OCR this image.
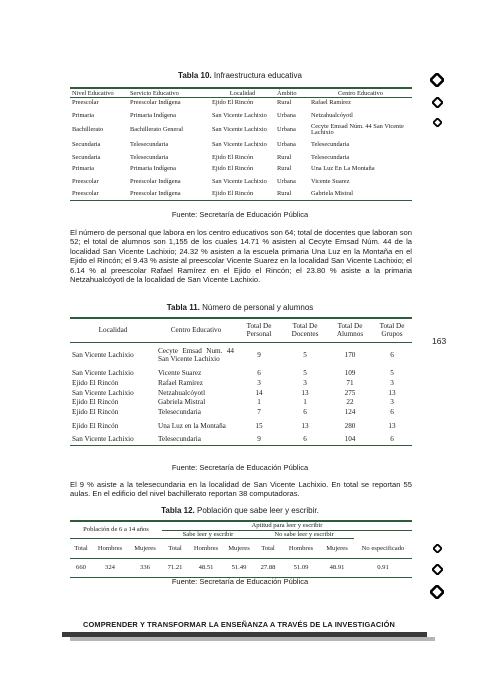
Tabla 10. Infraestructura educativa
Nivel Educativo	Servicio Educativo	Localidad	Ámbito	Centro Educativo
Preescolar	Preescolar Indígena	Ejido El Rincón	Rural	Rafael Ramírez
Primaria	Primaria Indígena	San Vicente Lachixio	Urbana	Netzahualcóyotl
Bachillerato	Bachillerato General	San Vicente Lachixio	Urbana	Cecyte Emsad Núm. 44 San Vicente Lachixio
Secundaria	Telesecundaria	San Vicente Lachixio	Urbana	Telesecundaria
Secundaria	Telesecundaria	Ejido El Rincón	Rural	Telesecundaria
Primaria	Primaria Indígena	Ejido El Rincón	Rural	Una Luz En La Montaña
Preescolar	Preescolar Indígena	San Vicente Lachixio	Urbana	Vicente Suarez
Preescolar	Preescolar Indígena	Ejido El Rincón	Rural	Gabriela Mistral
Fuente: Secretaría de Educación Pública
El número de personal que labora en los centro educativos son 64; total de docentes que laboran son 52; el total de alumnos son 1,155 de los cuales 14.71 % asisten al Cecyte Emsad Núm. 44 de la localidad San Vicente Lachixio; 24.32 % asisten a la escuela primaria Una Luz en la Montaña en el Ejido el Rincón; el 9.43 % asiste al preescolar Vicente Suarez en la localidad San Vicente Lachixio; el 6.14 % al preescolar Rafael Ramírez en el Ejido el Rincón; el 23.80 % asiste a la primaria Netzahualcóyotl de la localidad de San Vicente Lachixio.
Tabla 11. Número de personal y alumnos
Localidad	Centro Educativo	Total De Personal	Total De Docentes	Total De Alumnos	Total De Grupos
San Vicente Lachixio	Cecyte Emsad Num. 44 San Vicente Lachixio	9	5	170	6
San Vicente Lachixio	Vicente Suarez	6	5	109	5
Ejido El Rincón	Rafael Ramírez	3	3	71	3
San Vicente Lachixio	Netzahualcóyotl	14	13	275	13
Ejido El Rincón	Gabriela Mistral	1	1	22	3
Ejido El Rincón	Telesecundaria	7	6	124	6
Ejido El Rincón	Una Luz en la Montaña	15	13	280	13
San Vicente Lachixio	Telesecundaria	9	6	104	6
Fuente: Secretaría de Educación Pública
El 9 % asiste a la telesecundaria en la localidad de San Vicente Lachixio. En total se reportan 55 aulas. En el edificio del nivel bachillerato reportan 38 computadoras.
Tabla 12. Población que sabe leer y escribir.
Población de 6 a 14 años			Aptitud para leer y escribir						
			Sabe leer y escribir			No sabe leer y escribir			
Total	Hombres	Mujeres	Total	Hombres	Mujeres	Total	Hombres	Mujeres	No especificado
660	324	336	71.21	48.51	51.49	27.88	51.09	48.91	0.91
Fuente: Secretaría de Educación Pública
163
COMPRENDER Y TRANSFORMAR LA ENSEÑANZA A TRAVÉS DE LA INVESTIGACIÓN
